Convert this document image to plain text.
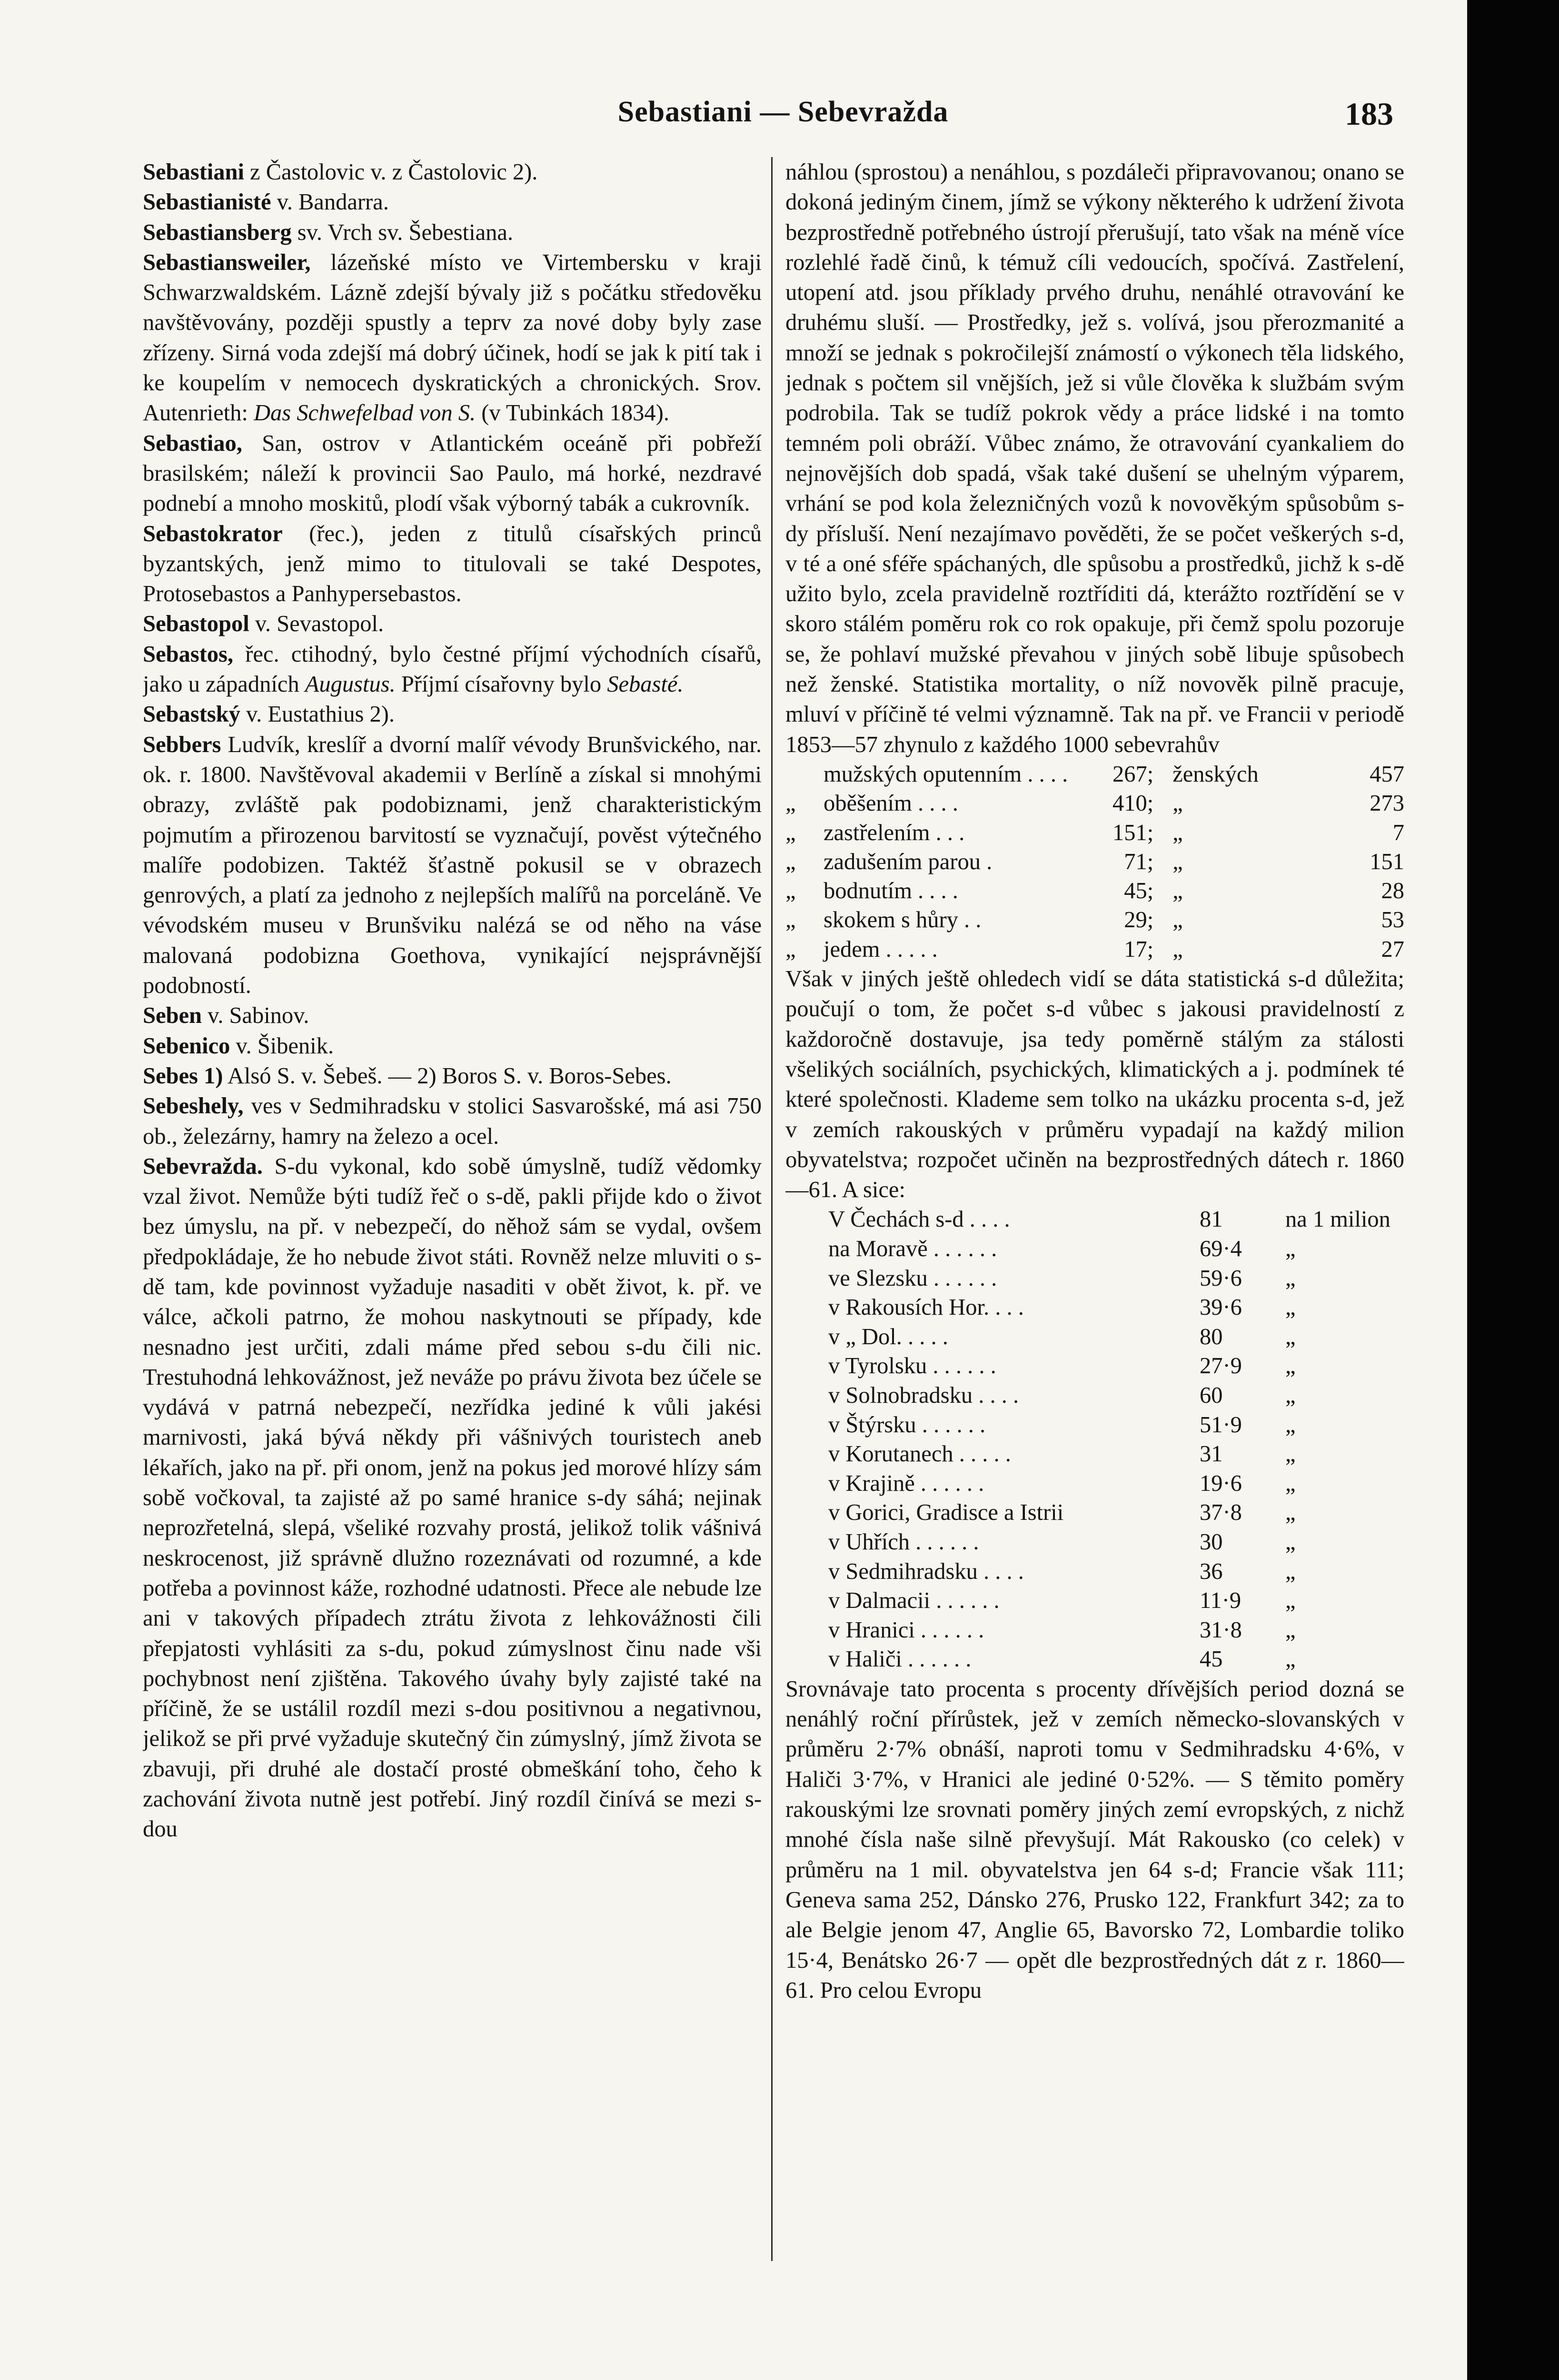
Sebastiani — Sebevražda	183

Sebastiani z Častolovic v. z Častolovic 2).

Sebastianisté v. Bandarra.

Sebastiansberg sv. Vrch sv. Šebestiana.

Sebastiansweiler, lázeňské místo ve Virtembersku v kraji Schwarzwaldském. Lázně zdejší bývaly již s počátku středověku navštěvovány, později spustly a teprv za nové doby byly zase zřízeny. Sirná voda zdejší má dobrý účinek, hodí se jak k pití tak i ke koupelím v nemocech dyskratických a chronických. Srov. Autenrieth: Das Schwefelbad von S. (v Tubinkách 1834).

Sebastiao, San, ostrov v Atlantickém oceáně při pobřeží brasilském; náleží k provincii Sao Paulo, má horké, nezdravé podnebí a mnoho moskitů, plodí však výborný tabák a cukrovník.

Sebastokrator (řec.), jeden z titulů císařských princů byzantských, jenž mimo to titulovali se také Despotes, Protosebastos a Panhypersebastos.

Sebastopol v. Sevastopol.

Sebastos, řec. ctihodný, bylo čestné příjmí východních císařů, jako u západních Augustus. Příjmí císařovny bylo Sebasté.

Sebastský v. Eustathius 2).

Sebbers Ludvík, kreslíř a dvorní malíř vévody Brunšvického, nar. ok. r. 1800. Navštěvoval akademii v Berlíně a získal si mnohými obrazy, zvláště pak podobiznami, jenž charakteristickým pojmutím a přirozenou barvitostí se vyznačují, pověst výtečného malíře podobizen. Taktéž šťastně pokusil se v obrazech genrových, a platí za jednoho z nejlepších malířů na porceláně. Ve vévodském museu v Brunšviku nalézá se od něho na váse malovaná podobizna Goethova, vynikající nejsprávnější podobností.

Seben v. Sabinov.

Sebenico v. Šibenik.

Sebes 1) Alsó S. v. Šebeš. — 2) Boros S. v. Boros-Sebes.

Sebeshely, ves v Sedmihradsku v stolici Sasvarošské, má asi 750 ob., železárny, hamry na železo a ocel.

Sebevražda. S-du vykonal, kdo sobě úmyslně, tudíž vědomky vzal život. Nemůže býti tudíž řeč o s-dě, pakli přijde kdo o život bez úmyslu, na př. v nebezpečí, do něhož sám se vydal, ovšem předpokládaje, že ho nebude život státi. Rovněž nelze mluviti o s-dě tam, kde povinnost vyžaduje nasaditi v obět život, k. př. ve válce, ačkoli patrno, že mohou naskytnouti se případy, kde nesnadno jest určiti, zdali máme před sebou s-du čili nic. Trestuhodná lehkovážnost, jež neváže po právu života bez účele se vydává v patrná nebezpečí, nezřídka jediné k vůli jakési marnivosti, jaká bývá někdy při vášnivých touristech aneb lékařích, jako na př. při onom, jenž na pokus jed morové hlízy sám sobě vočkoval, ta zajisté až po samé hranice s-dy sáhá; nejinak neprozřetelná, slepá, všeliké rozvahy prostá, jelikož tolik vášnivá neskrocenost, již správně dlužno rozeznávati od rozumné, a kde potřeba a povinnost káže, rozhodné udatnosti. Přece ale nebude lze ani v takových případech ztrátu života z lehkovážnosti čili přepjatosti vyhlásiti za s-du, pokud zúmyslnost činu nade vši pochybnost není zjištěna. Takového úvahy byly zajisté také na příčině, že se ustálil rozdíl mezi s-dou positivnou a negativnou, jelikož se při prvé vyžaduje skutečný čin zúmyslný, jímž života se zbavuji, při druhé ale dostačí prosté obmeškání toho, čeho k zachování života nutně jest potřebí. Jiný rozdíl činívá se mezi s-dou

náhlou (sprostou) a nenáhlou, s pozdáleči připravovanou; onano se dokoná jediným činem, jímž se výkony některého k udržení života bezprostředně potřebného ústrojí přerušují, tato však na méně více rozlehlé řadě činů, k témuž cíli vedoucích, spočívá. Zastřelení, utopení atd. jsou příklady prvého druhu, nenáhlé otravování ke druhému sluší. — Prostředky, jež s. volívá, jsou přerozmanité a množí se jednak s pokročilejší známostí o výkonech těla lidského, jednak s počtem sil vnějších, jež si vůle člověka k službám svým podrobila. Tak se tudíž pokrok vědy a práce lidské i na tomto temném poli obráží. Vůbec známo, že otravování cyankaliem do nejnovějších dob spadá, však také dušení se uhelným výparem, vrhání se pod kola železničných vozů k novověkým spůsobům s-dy přísluší. Není nezajímavo pověděti, že se počet veškerých s-d, v té a oné sféře spáchaných, dle spůsobu a prostředků, jichž k s-dě užito bylo, zcela pravidelně roztříditi dá, kterážto roztřídění se v skoro stálém poměru rok co rok opakuje, při čemž spolu pozoruje se, že pohlaví mužské převahou v jiných sobě libuje spůsobech než ženské. Statistika mortality, o níž novověk pilně pracuje, mluví v příčině té velmi významně. Tak na př. ve Francii v periodě 1853—57 zhynulo z každého 1000 sebevrahův

	mužských oputenním . . . .	267;	ženských	457
„	oběšením . . . .	410;	„	273
„	zastřelením . . .	151;	„	7
„	zadušením parou .	71;	„	151
„	bodnutím . . . .	45;	„	28
„	skokem s hůry . .	29;	„	53
„	jedem . . . . .	17;	„	27

Však v jiných ještě ohledech vidí se dáta statistická s-d důležita; poučují o tom, že počet s-d vůbec s jakousi pravidelností z každoročně dostavuje, jsa tedy poměrně stálým za stálosti všelikých sociálních, psychických, klimatických a j. podmínek té které společnosti. Klademe sem tolko na ukázku procenta s-d, jež v zemích rakouských v průměru vypadají na každý milion obyvatelstva; rozpočet učiněn na bezprostředných dátech r. 1860 —61. A sice:

V Čechách s-d . . . .	81	na 1 milion
na Moravě . . . . . .	69·4	„
ve Slezsku . . . . . .	59·6	„
v Rakousích Hor. . . .	39·6	„
v „ Dol. . . . .	80	„
v Tyrolsku . . . . . .	27·9	„
v Solnobradsku . . . .	60	„
v Štýrsku . . . . . .	51·9	„
v Korutanech . . . . .	31	„
v Krajině . . . . . .	19·6	„
v Gorici, Gradisce a Istrii	37·8	„
v Uhřích . . . . . .	30	„
v Sedmihradsku . . . .	36	„
v Dalmacii . . . . . .	11·9	„
v Hranici . . . . . .	31·8	„
v Haliči . . . . . .	45	„

Srovnávaje tato procenta s procenty dřívějších period dozná se nenáhlý roční přírůstek, jež v zemích německo-slovanských v průměru 2·7% obnáší, naproti tomu v Sedmihradsku 4·6%, v Haliči 3·7%, v Hranici ale jediné 0·52%. — S těmito poměry rakouskými lze srovnati poměry jiných zemí evropských, z nichž mnohé čísla naše silně převyšují. Mát Rakousko (co celek) v průměru na 1 mil. obyvatelstva jen 64 s-d; Francie však 111; Geneva sama 252, Dánsko 276, Prusko 122, Frankfurt 342; za to ale Belgie jenom 47, Anglie 65, Bavorsko 72, Lombardie toliko 15·4, Benátsko 26·7 — opět dle bezprostředných dát z r. 1860—61. Pro celou Evropu
